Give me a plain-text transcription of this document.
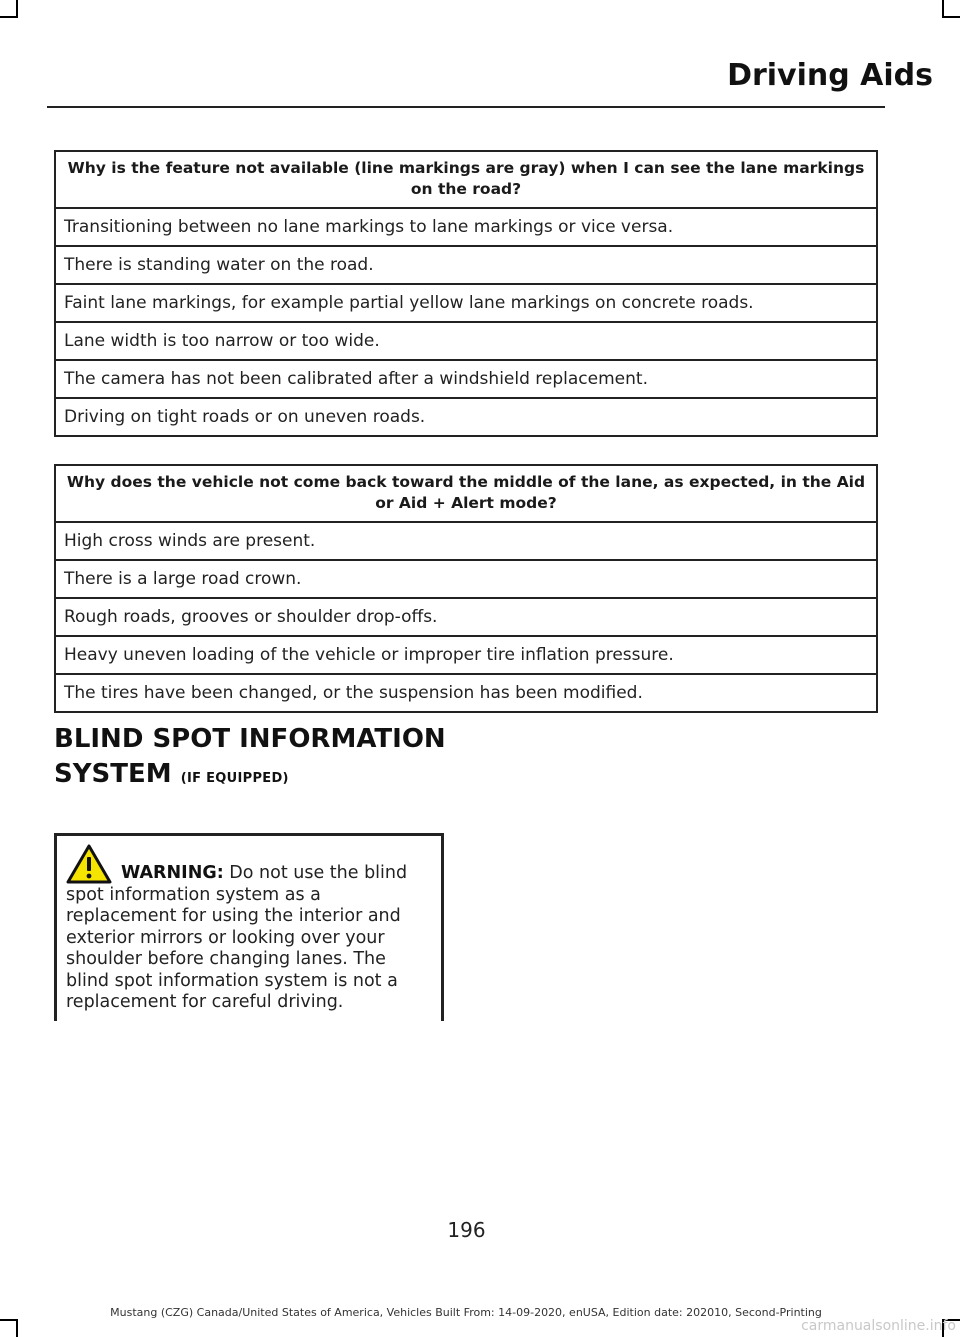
Driving Aids
Why is the feature not available (line markings are gray) when I can see the lane markings on the road?
Transitioning between no lane markings to lane markings or vice versa.
There is standing water on the road.
Faint lane markings, for example partial yellow lane markings on concrete roads.
Lane width is too narrow or too wide.
The camera has not been calibrated after a windshield replacement.
Driving on tight roads or on uneven roads.
Why does the vehicle not come back toward the middle of the lane, as expected, in the Aid or Aid + Alert mode?
High cross winds are present.
There is a large road crown.
Rough roads, grooves or shoulder drop-offs.
Heavy uneven loading of the vehicle or improper tire inflation pressure.
The tires have been changed, or the suspension has been modified.
BLIND SPOT INFORMATION
SYSTEM (IF EQUIPPED)
WARNING: Do not use the blind spot information system as a replacement for using the interior and exterior mirrors or looking over your shoulder before changing lanes. The blind spot information system is not a replacement for careful driving.
196
Mustang (CZG) Canada/United States of America, Vehicles Built From: 14-09-2020, enUSA, Edition date: 202010, Second-Printing
carmanualsonline.info
